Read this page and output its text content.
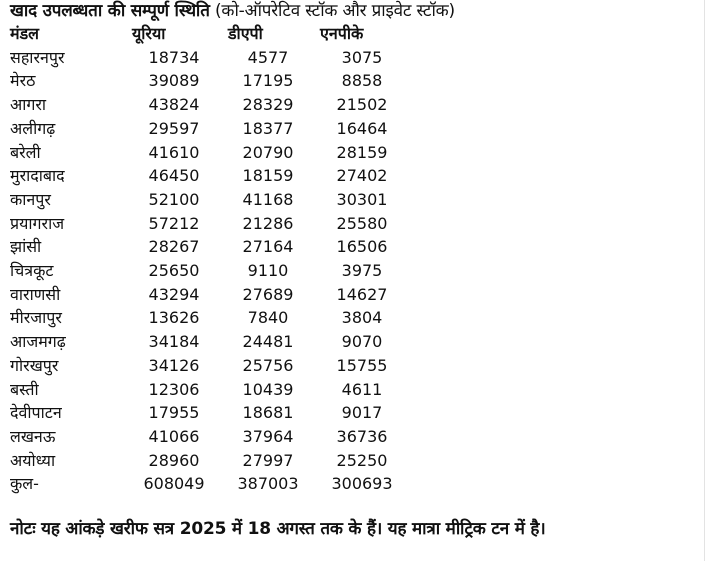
खाद उपलब्धता की सम्पूर्ण स्थिति (को-ऑपरेटिव स्टॉक और प्राइवेट स्टॉक)
मंडल	यूरिया	डीएपी	एनपीके
सहारनपुर	18734	4577	3075
मेरठ	39089	17195	8858
आगरा	43824	28329	21502
अलीगढ़	29597	18377	16464
बरेली	41610	20790	28159
मुरादाबाद	46450	18159	27402
कानपुर	52100	41168	30301
प्रयागराज	57212	21286	25580
झांसी	28267	27164	16506
चित्रकूट	25650	9110	3975
वाराणसी	43294	27689	14627
मीरजापुर	13626	7840	3804
आजमगढ़	34184	24481	9070
गोरखपुर	34126	25756	15755
बस्ती	12306	10439	4611
देवीपाटन	17955	18681	9017
लखनऊ	41066	37964	36736
अयोध्या	28960	27997	25250
कुल-	608049	387003	300693
नोटः यह आंकड़े खरीफ सत्र 2025 में 18 अगस्त तक के हैं। यह मात्रा मीट्रिक टन में है।
